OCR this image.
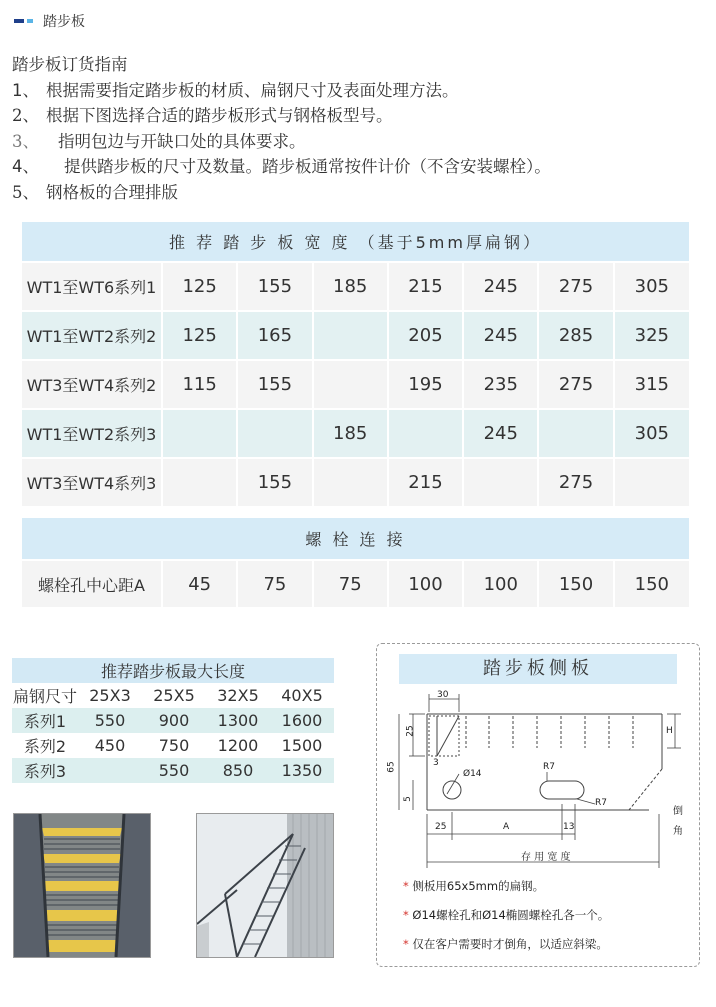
踏步板
踏步板订货指南
1、 根据需要指定踏步板的材质、扁钢尺寸及表面处理方法。
2、 根据下图选择合适的踏步板形式与钢格板型号。
3、 指明包边与开缺口处的具体要求。
4、 提供踏步板的尺寸及数量。踏步板通常按件计价（不含安装螺栓）。
5、 钢格板的合理排版
推 荐 踏 步 板 宽 度 （基于5mm厚扁钢）							
WT1至WT6系列1	125	155	185	215	245	275	305
WT1至WT2系列2	125	165		205	245	285	325
WT3至WT4系列2	115	155		195	235	275	315
WT1至WT2系列3			185		245		305
WT3至WT4系列3		155		215		275	
螺 栓 连 接
螺栓孔中心距A	45	75	75	100	100	150	150
推荐踏步板最大长度				
扁钢尺寸	25X3	25X5	32X5	40X5
系列1	550	900	1300	1600
系列2	450	750	1200	1500
系列3		550	850	1350
踏步板侧板
30
25
65	3
5
Ø14
R7
R7
H
25	A	13
存 用 宽 度
倒
角
* 侧板用65x5mm的扁钢。
* Ø14螺栓孔和Ø14椭圆螺栓孔各一个。
* 仅在客户需要时才倒角，以适应斜梁。
